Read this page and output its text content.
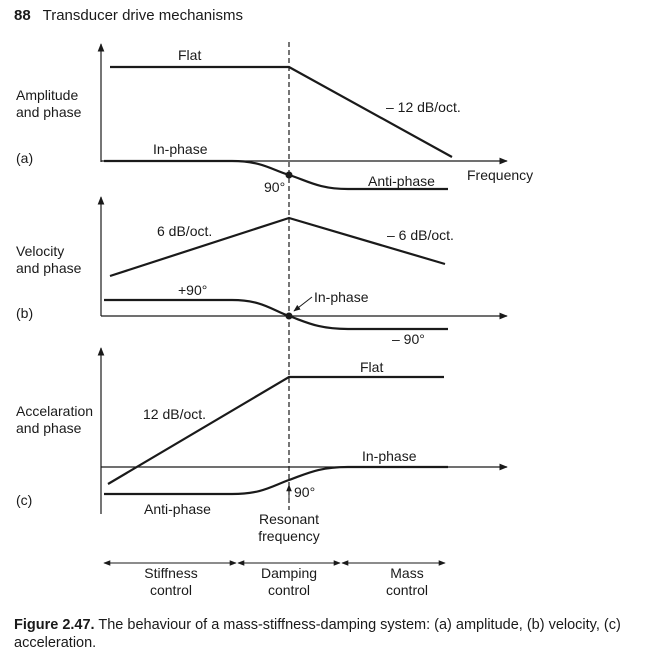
88 Transducer drive mechanisms
Amplitude
and phase
(a)
Flat
– 12 dB/oct.
In-phase
Anti-phase
90°
Frequency
Velocity
and phase
(b)
6 dB/oct.	– 6 dB/oct.
+90°	In-phase
– 90°
Accelaration
and phase
(c)
12 dB/oct.
Flat
In-phase
Anti-phase
90°
Resonant
frequency
Stiffness
control
Damping
control
Mass
control
Figure 2.47. The behaviour of a mass-stiffness-damping system: (a) amplitude, (b) velocity, (c) acceleration.
